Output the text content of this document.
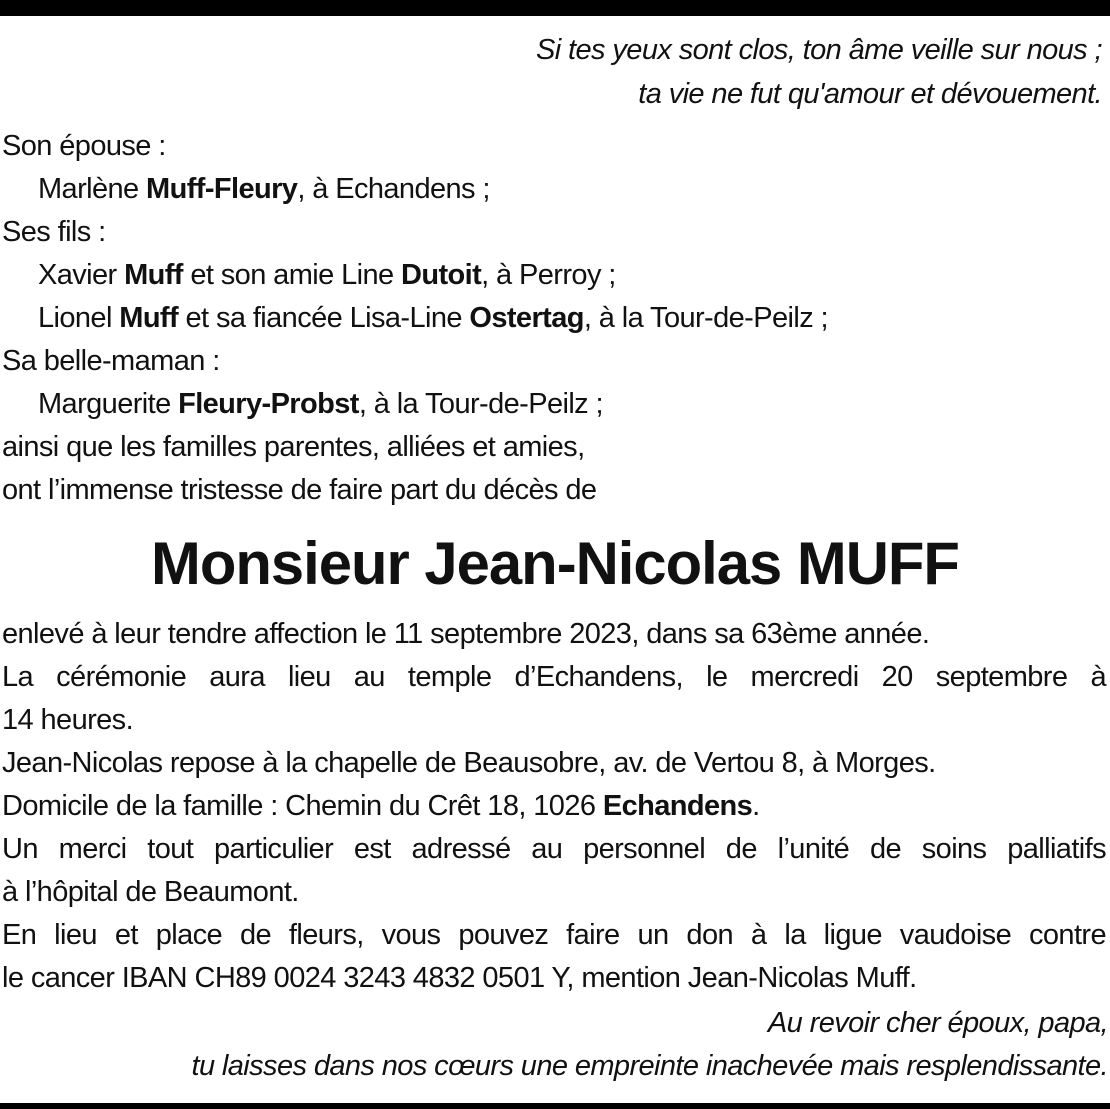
Si tes yeux sont clos, ton âme veille sur nous ;
ta vie ne fut qu'amour et dévouement.
Son épouse :
Marlène Muff-Fleury, à Echandens ;
Ses fils :
Xavier Muff et son amie Line Dutoit, à Perroy ;
Lionel Muff et sa fiancée Lisa-Line Ostertag, à la Tour-de-Peilz ;
Sa belle-maman :
Marguerite Fleury-Probst, à la Tour-de-Peilz ;
ainsi que les familles parentes, alliées et amies,
ont l’immense tristesse de faire part du décès de
Monsieur Jean-Nicolas MUFF
enlevé à leur tendre affection le 11 septembre 2023, dans sa 63ème année.
La cérémonie aura lieu au temple d’Echandens, le mercredi 20 septembre à
14 heures.
Jean-Nicolas repose à la chapelle de Beausobre, av. de Vertou 8, à Morges.
Domicile de la famille : Chemin du Crêt 18, 1026 Echandens.
Un merci tout particulier est adressé au personnel de l’unité de soins palliatifs
à l’hôpital de Beaumont.
En lieu et place de fleurs, vous pouvez faire un don à la ligue vaudoise contre
le cancer IBAN CH89 0024 3243 4832 0501 Y, mention Jean-Nicolas Muff.
Au revoir cher époux, papa,
tu laisses dans nos cœurs une empreinte inachevée mais resplendissante.
